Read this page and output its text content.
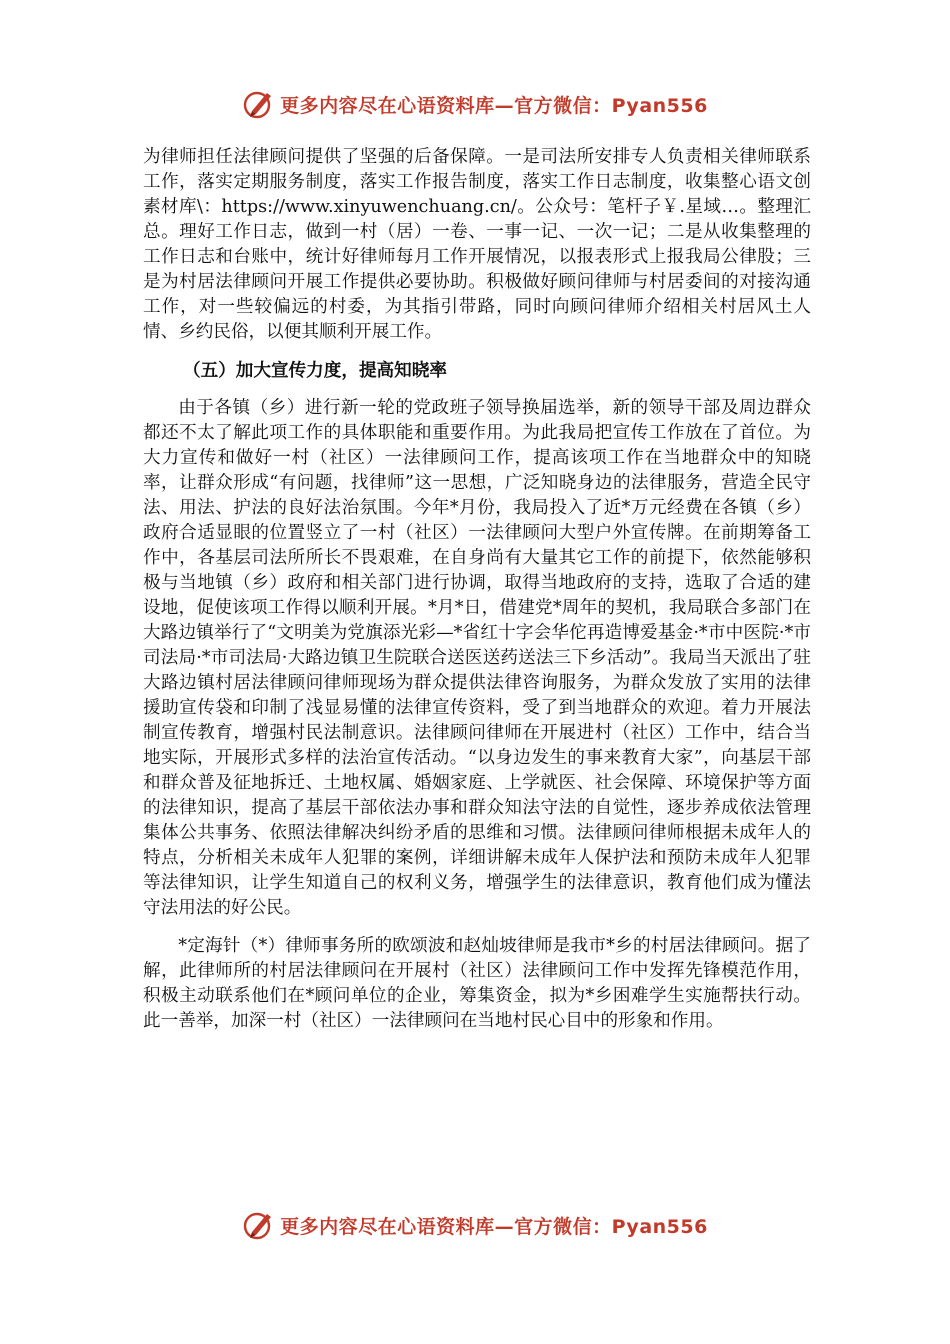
更多内容尽在心语资料库—官方微信：Pyan556

为律师担任法律顾问提供了坚强的后备保障。一是司法所安排专人负责相关律师联系工作，落实定期服务制度，落实工作报告制度，落实工作日志制度，收集整心语文创素材库\：https://www.xinyuwenchuang.cn/。公众号：笔杆子￥.星域…。整理汇总。理好工作日志，做到一村（居）一卷、一事一记、一次一记；二是从收集整理的工作日志和台账中，统计好律师每月工作开展情况，以报表形式上报我局公律股；三是为村居法律顾问开展工作提供必要协助。积极做好顾问律师与村居委间的对接沟通工作，对一些较偏远的村委，为其指引带路，同时向顾问律师介绍相关村居风土人情、乡约民俗，以便其顺利开展工作。

（五）加大宣传力度，提高知晓率

由于各镇（乡）进行新一轮的党政班子领导换届选举，新的领导干部及周边群众都还不太了解此项工作的具体职能和重要作用。为此我局把宣传工作放在了首位。为大力宣传和做好一村（社区）一法律顾问工作，提高该项工作在当地群众中的知晓率，让群众形成“有问题，找律师”这一思想，广泛知晓身边的法律服务，营造全民守法、用法、护法的良好法治氛围。今年*月份，我局投入了近*万元经费在各镇（乡）政府合适显眼的位置竖立了一村（社区）一法律顾问大型户外宣传牌。在前期筹备工作中，各基层司法所所长不畏艰难，在自身尚有大量其它工作的前提下，依然能够积极与当地镇（乡）政府和相关部门进行协调，取得当地政府的支持，选取了合适的建设地，促使该项工作得以顺利开展。*月*日，借建党*周年的契机，我局联合多部门在大路边镇举行了“文明美为党旗添光彩—*省红十字会华佗再造博爱基金·*市中医院·*市司法局·*市司法局·大路边镇卫生院联合送医送药送法三下乡活动”。我局当天派出了驻大路边镇村居法律顾问律师现场为群众提供法律咨询服务，为群众发放了实用的法律援助宣传袋和印制了浅显易懂的法律宣传资料，受了到当地群众的欢迎。着力开展法制宣传教育，增强村民法制意识。法律顾问律师在开展进村（社区）工作中，结合当地实际，开展形式多样的法治宣传活动。“以身边发生的事来教育大家”，向基层干部和群众普及征地拆迁、土地权属、婚姻家庭、上学就医、社会保障、环境保护等方面的法律知识，提高了基层干部依法办事和群众知法守法的自觉性，逐步养成依法管理集体公共事务、依照法律解决纠纷矛盾的思维和习惯。法律顾问律师根据未成年人的特点，分析相关未成年人犯罪的案例，详细讲解未成年人保护法和预防未成年人犯罪等法律知识，让学生知道自己的权利义务，增强学生的法律意识，教育他们成为懂法守法用法的好公民。

*定海针（*）律师事务所的欧颂波和赵灿坡律师是我市*乡的村居法律顾问。据了解，此律师所的村居法律顾问在开展村（社区）法律顾问工作中发挥先锋模范作用，积极主动联系他们在*顾问单位的企业，筹集资金，拟为*乡困难学生实施帮扶行动。此一善举，加深一村（社区）一法律顾问在当地村民心目中的形象和作用。

更多内容尽在心语资料库—官方微信：Pyan556
